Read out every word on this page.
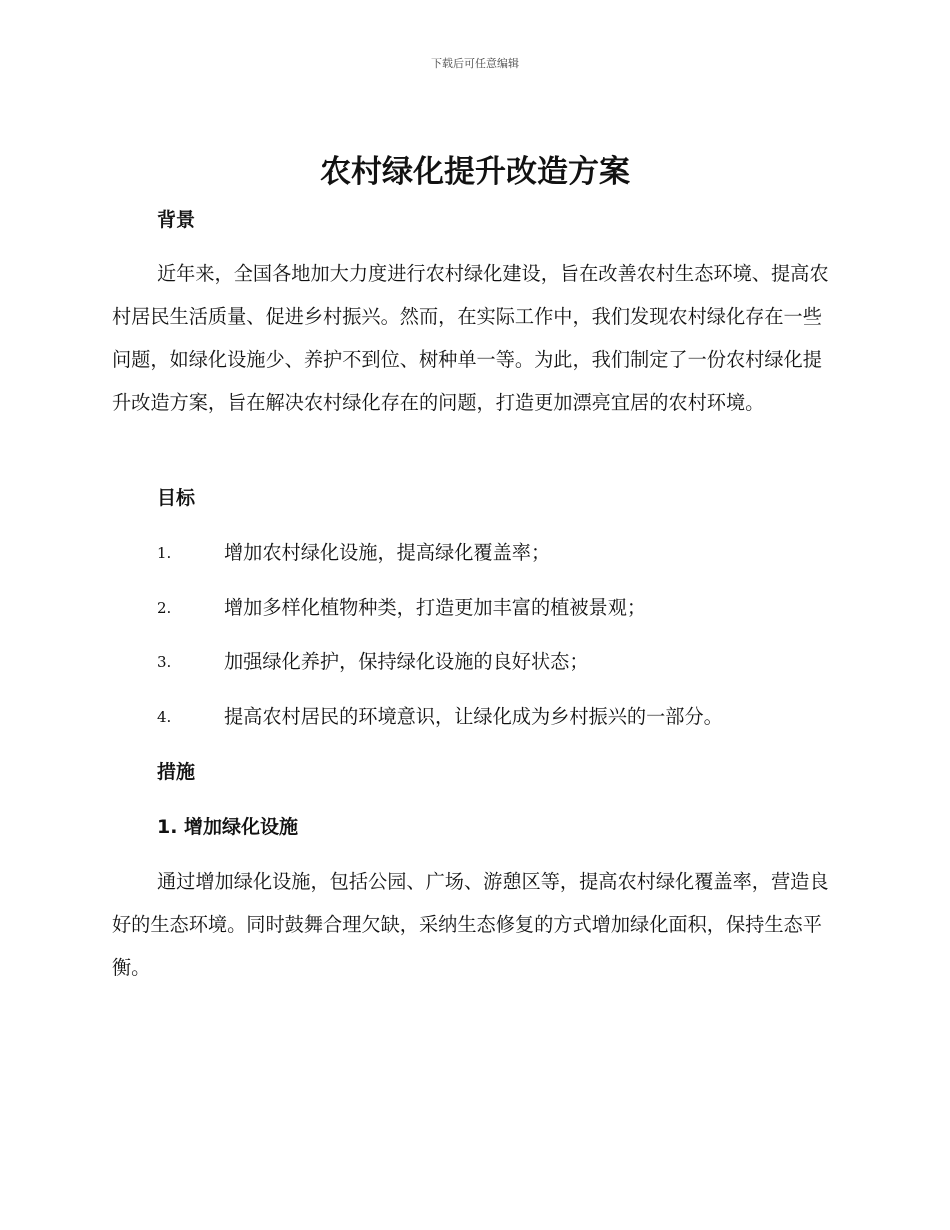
下载后可任意编辑
农村绿化提升改造方案
背景

近年来，全国各地加大力度进行农村绿化建设，旨在改善农村生态环境、提高农村居民生活质量、促进乡村振兴。然而，在实际工作中，我们发现农村绿化存在一些问题，如绿化设施少、养护不到位、树种单一等。为此，我们制定了一份农村绿化提升改造方案，旨在解决农村绿化存在的问题，打造更加漂亮宜居的农村环境。

目标
1.	增加农村绿化设施，提高绿化覆盖率；
2.	增加多样化植物种类，打造更加丰富的植被景观；
3.	加强绿化养护，保持绿化设施的良好状态；
4.	提高农村居民的环境意识，让绿化成为乡村振兴的一部分。
措施
1. 增加绿化设施

通过增加绿化设施，包括公园、广场、游憩区等，提高农村绿化覆盖率，营造良好的生态环境。同时鼓舞合理欠缺，采纳生态修复的方式增加绿化面积，保持生态平衡。
